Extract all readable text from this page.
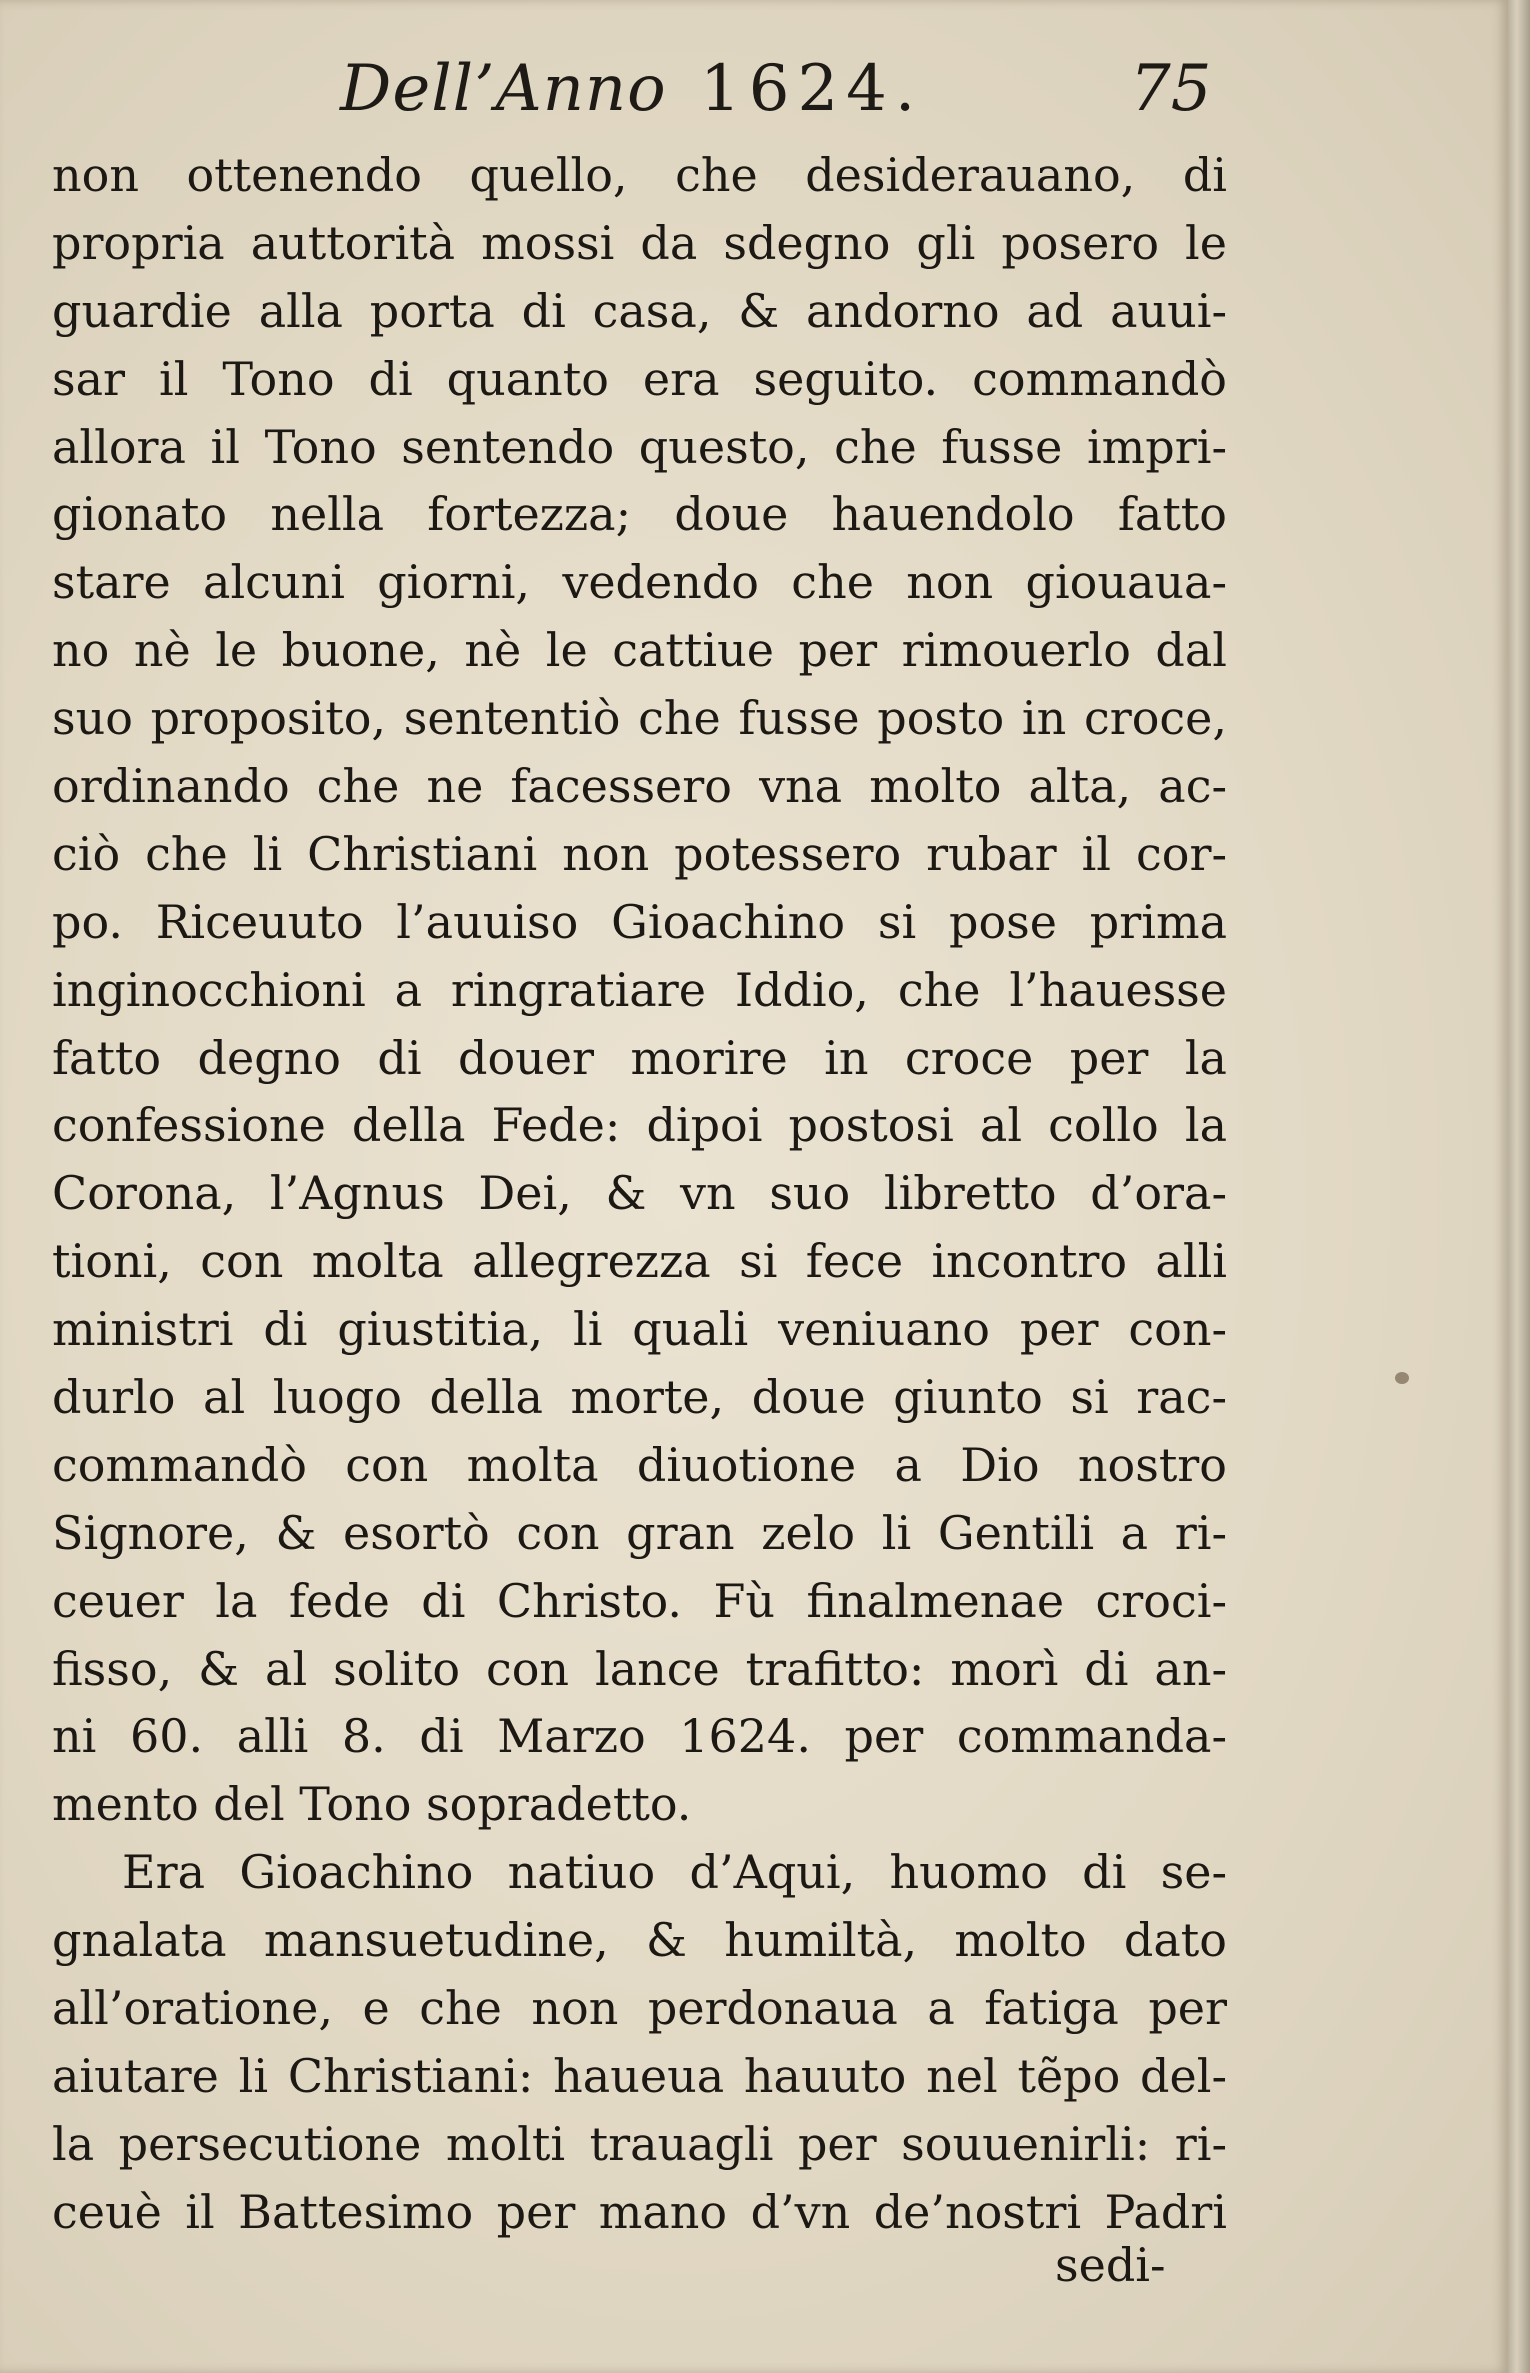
Dell’Anno 1624.	75
non ottenendo quello, che desiderauano, di
propria auttorità mossi da sdegno gli posero le
guardie alla porta di casa, & andorno ad auui-
sar il Tono di quanto era seguito. commandò
allora il Tono sentendo questo, che fusse impri-
gionato nella fortezza; doue hauendolo fatto
stare alcuni giorni, vedendo che non giouaua-
no nè le buone, nè le cattiue per rimouerlo dal
suo proposito, sententiò che fusse posto in croce,
ordinando che ne facessero vna molto alta, ac-
ciò che li Christiani non potessero rubar il cor-
po. Riceuuto l’auuiso Gioachino si pose prima
inginocchioni a ringratiare Iddio, che l’hauesse
fatto degno di douer morire in croce per la
confessione della Fede: dipoi postosi al collo la
Corona, l’Agnus Dei, & vn suo libretto d’ora-
tioni, con molta allegrezza si fece incontro alli
ministri di giustitia, li quali veniuano per con-
durlo al luogo della morte, doue giunto si rac-
commandò con molta diuotione a Dio nostro
Signore, & esortò con gran zelo li Gentili a ri-
ceuer la fede di Christo. Fù finalmenae croci-
fisso, & al solito con lance trafitto: morì di an-
ni 60. alli 8. di Marzo 1624. per commanda-
mento del Tono sopradetto.
Era Gioachino natiuo d’Aqui, huomo di se-
gnalata mansuetudine, & humiltà, molto dato
all’oratione, e che non perdonaua a fatiga per
aiutare li Christiani: haueua hauuto nel tẽpo del-
la persecutione molti trauagli per souuenirli: ri-
ceuè il Battesimo per mano d’vn de’nostri Padri
sedi-
